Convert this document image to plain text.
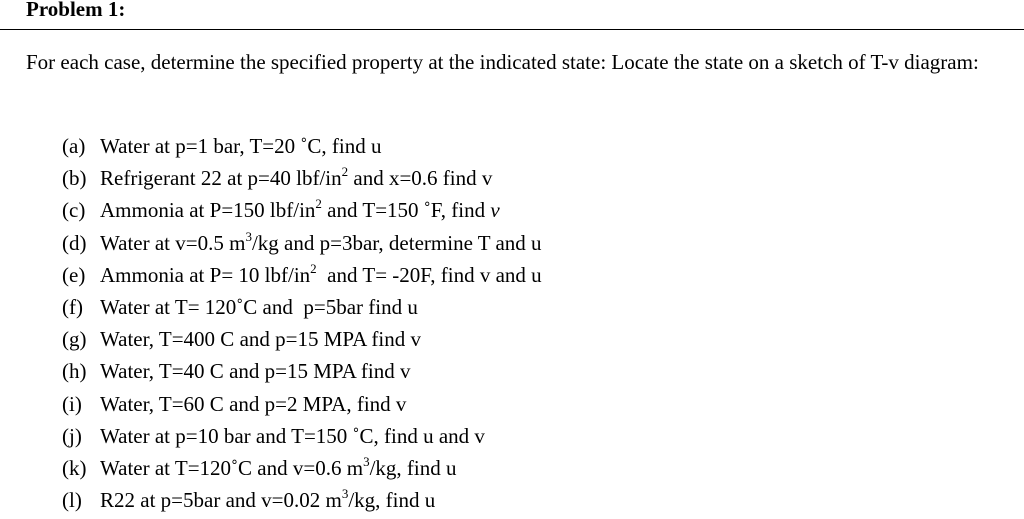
Problem 1:
For each case, determine the specified property at the indicated state: Locate the state on a sketch of T-v diagram:
(a) Water at p=1 bar, T=20 ˚C, find u
(b) Refrigerant 22 at p=40 lbf/$in^2$ and x=0.6 find v
(c) Ammonia at P=150 lbf/$in^2$ and T=150 ˚F, find v
(d) Water at v=0.5 $m^3/kg$ and p=3bar, determine T and u
(e) Ammonia at P= 10 lbf/$in^2$  and T= -20F, find v and u
(f) Water at T= 120˚C and  p=5bar find u
(g) Water, T=400 C and p=15 MPA find v
(h) Water, T=40 C and p=15 MPA find v
(i) Water, T=60 C and p=2 MPA, find v
(j) Water at p=10 bar and T=150 ˚C, find u and v
(k) Water at T=120˚C and v=0.6 $m^3/kg$, find u
(l) R22 at p=5bar and v=0.02 $m^3/kg$, find u
